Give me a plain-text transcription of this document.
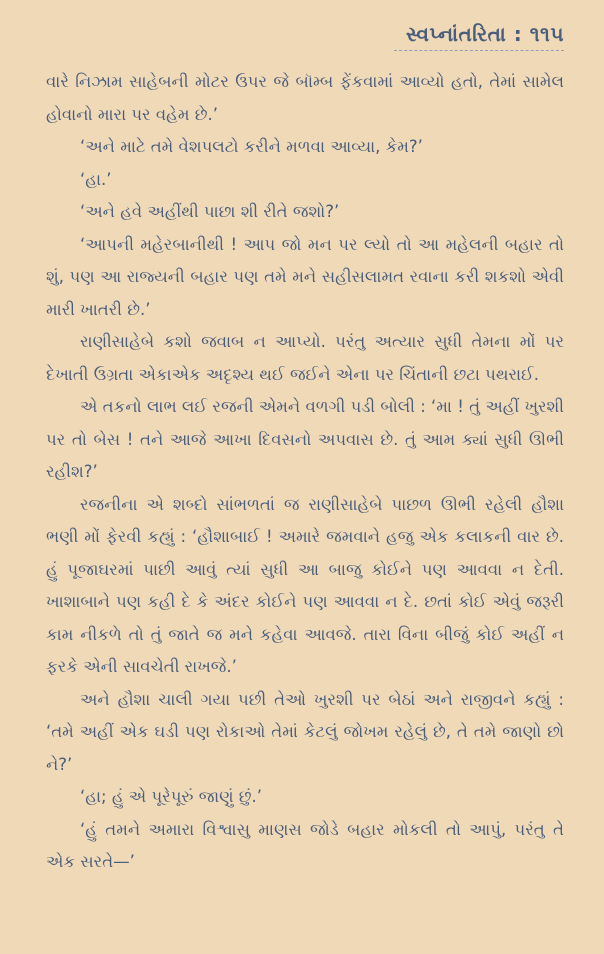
સ્વપ્નાંતરિતા : ૧૧૫

વારે નિઝામ સાહેબની મોટર ઉપર જે બૉમ્બ ફેંકવામાં આવ્યો હતો, તેમાં સામેલ હોવાનો મારા પર વહેમ છે.’

‘અને માટે તમે વેશપલટો કરીને મળવા આવ્યા, કેમ?’

‘હા.’

‘અને હવે અહીંથી પાછા શી રીતે જશો?’

‘આપની મહેરબાનીથી ! આપ જો મન પર લ્યો તો આ મહેલની બહાર તો શું, પણ આ રાજ્યની બહાર પણ તમે મને સહીસલામત રવાના કરી શકશો એવી મારી ખાતરી છે.’

રાણીસાહેબે કશો જવાબ ન આપ્યો. પરંતુ અત્યાર સુધી તેમના મોં પર દેખાતી ઉગ્રતા એકાએક અદૃશ્ય થઈ જઈને એના પર ચિંતાની છટા પથરાઈ.

એ તકનો લાભ લઈ રજની એમને વળગી પડી બોલી : ‘મા ! તું અહીં ખુરશી પર તો બેસ ! તને આજે આખા દિવસનો અપવાસ છે. તું આમ ક્યાં સુધી ઊભી રહીશ?’

રજનીના એ શબ્દો સાંભળતાં જ રાણીસાહેબે પાછળ ઊભી રહેલી હૌશા ભણી મોં ફેરવી કહ્યું : ‘હૌશાબાઈ ! અમારે જમવાને હજુ એક કલાકની વાર છે. હું પૂજાઘરમાં પાછી આવું ત્યાં સુધી આ બાજુ કોઈને પણ આવવા ન દેતી. ખાશાબાને પણ કહી દે કે અંદર કોઈને પણ આવવા ન દે. છતાં કોઈ એવું જરૂરી કામ નીકળે તો તું જાતે જ મને કહેવા આવજે. તારા વિના બીજું કોઈ અહીં ન ફરકે એની સાવચેતી રાખજે.’

અને હૌશા ચાલી ગયા પછી તેઓ ખુરશી પર બેઠાં અને રાજીવને કહ્યું : ‘તમે અહીં એક ઘડી પણ રોકાઓ તેમાં કેટલું જોખમ રહેલું છે, તે તમે જાણો છો ને?’

‘હા; હું એ પૂરેપૂરું જાણું છું.’

‘હું તમને અમારા વિશ્વાસુ માણસ જોડે બહાર મોકલી તો આપું, પરંતુ તે એક સરતે—’
